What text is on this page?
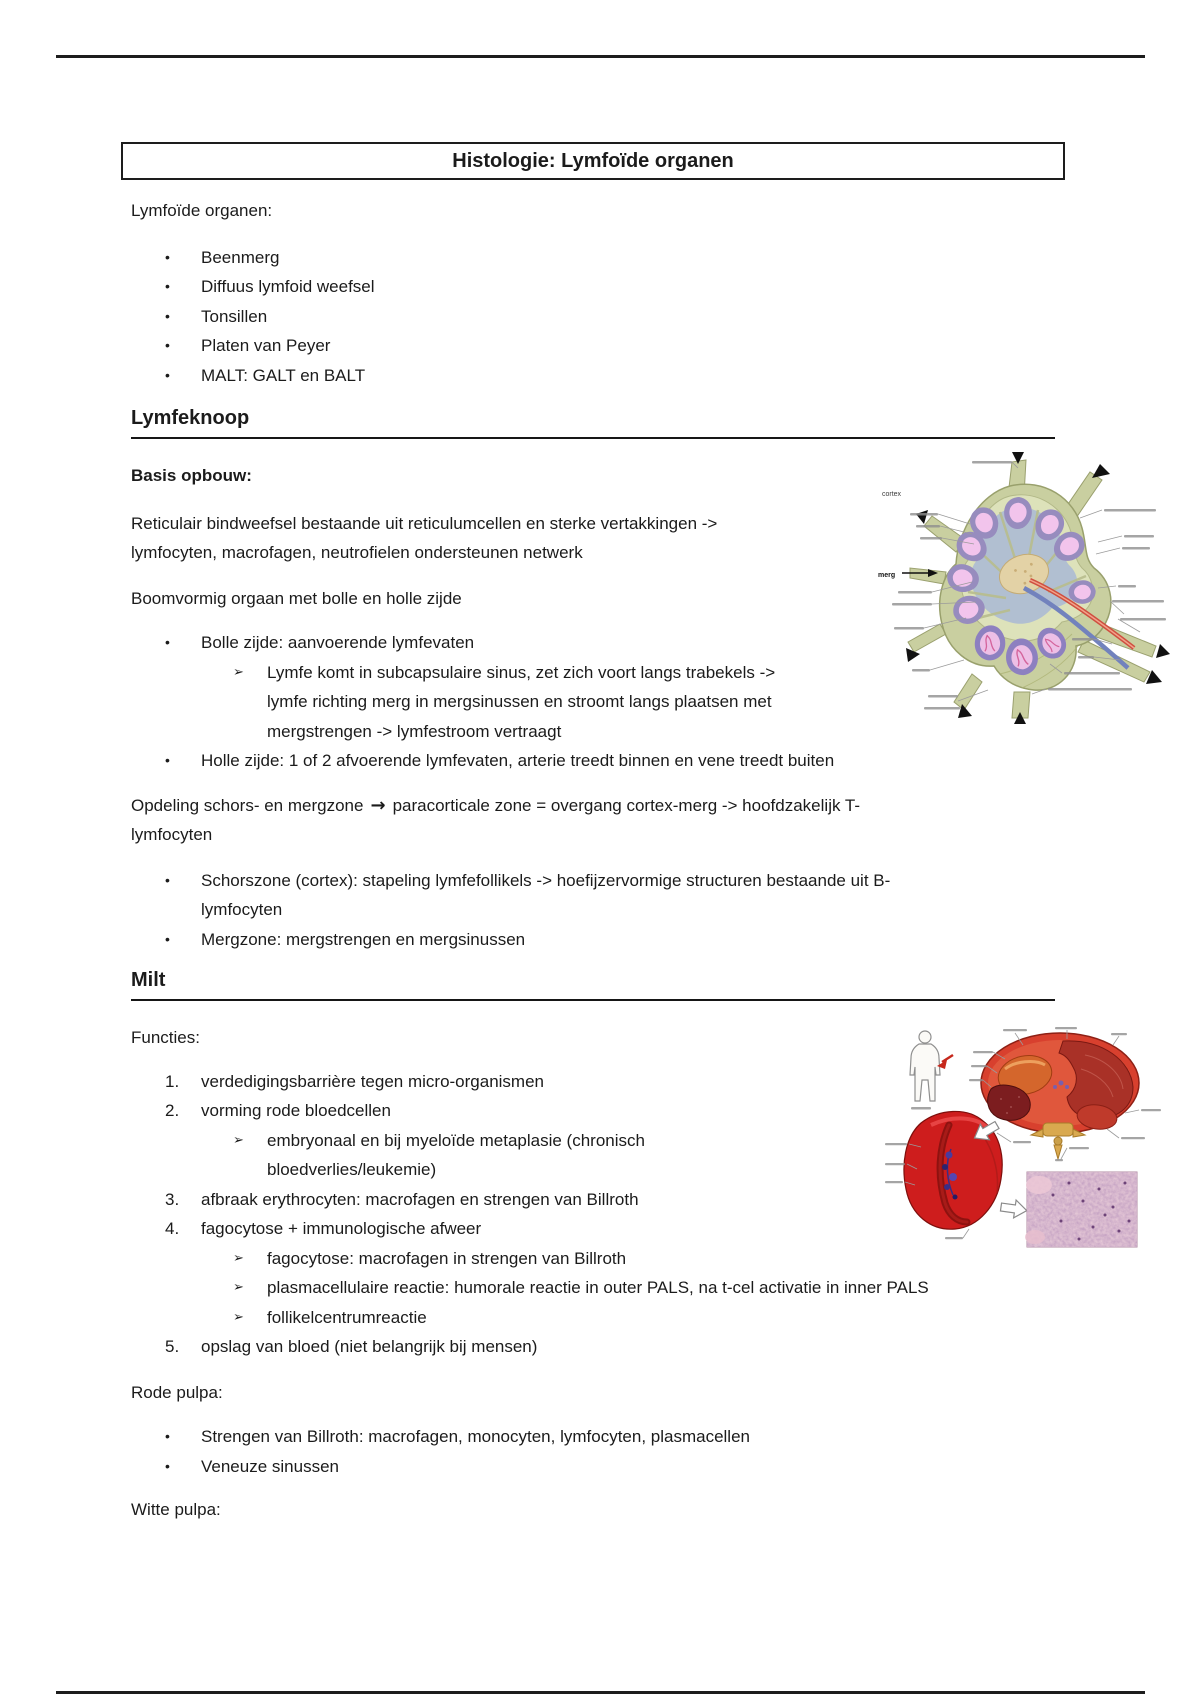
Histologie: Lymfoïde organen

Lymfoïde organen:

• Beenmerg
• Diffuus lymfoid weefsel
• Tonsillen
• Platen van Peyer
• MALT: GALT en BALT
Lymfeknoop

Basis opbouw:

Reticulair bindweefsel bestaande uit reticulumcellen en sterke vertakkingen -> lymfocyten, macrofagen, neutrofielen ondersteunen netwerk

Boomvormig orgaan met bolle en holle zijde

• Bolle zijde: aanvoerende lymfevaten
➢ Lymfe komt in subcapsulaire sinus, zet zich voort langs trabekels -> lymfe richting merg in mergsinussen en stroomt langs plaatsen met mergstrengen -> lymfestroom vertraagt
• Holle zijde: 1 of 2 afvoerende lymfevaten, arterie treedt binnen en vene treedt buiten

Opdeling schors- en mergzone → paracorticale zone = overgang cortex-merg -> hoofdzakelijk T-lymfocyten

• Schorszone (cortex): stapeling lymfefollikels -> hoefijzervormige structuren bestaande uit B-lymfocyten
• Mergzone: mergstrengen en mergsinussen
Milt

Functies:

1. verdedigingsbarrière tegen micro-organismen
2. vorming rode bloedcellen
➢ embryonaal en bij myeloïde metaplasie (chronisch bloedverlies/leukemie)
3. afbraak erythrocyten: macrofagen en strengen van Billroth
4. fagocytose + immunologische afweer
➢ fagocytose: macrofagen in strengen van Billroth
➢ plasmacellulaire reactie: humorale reactie in outer PALS, na t-cel activatie in inner PALS
➢ follikelcentrumreactie
5. opslag van bloed (niet belangrijk bij mensen)

Rode pulpa:

• Strengen van Billroth: macrofagen, monocyten, lymfocyten, plasmacellen
• Veneuze sinussen

Witte pulpa:

cortex
merg
